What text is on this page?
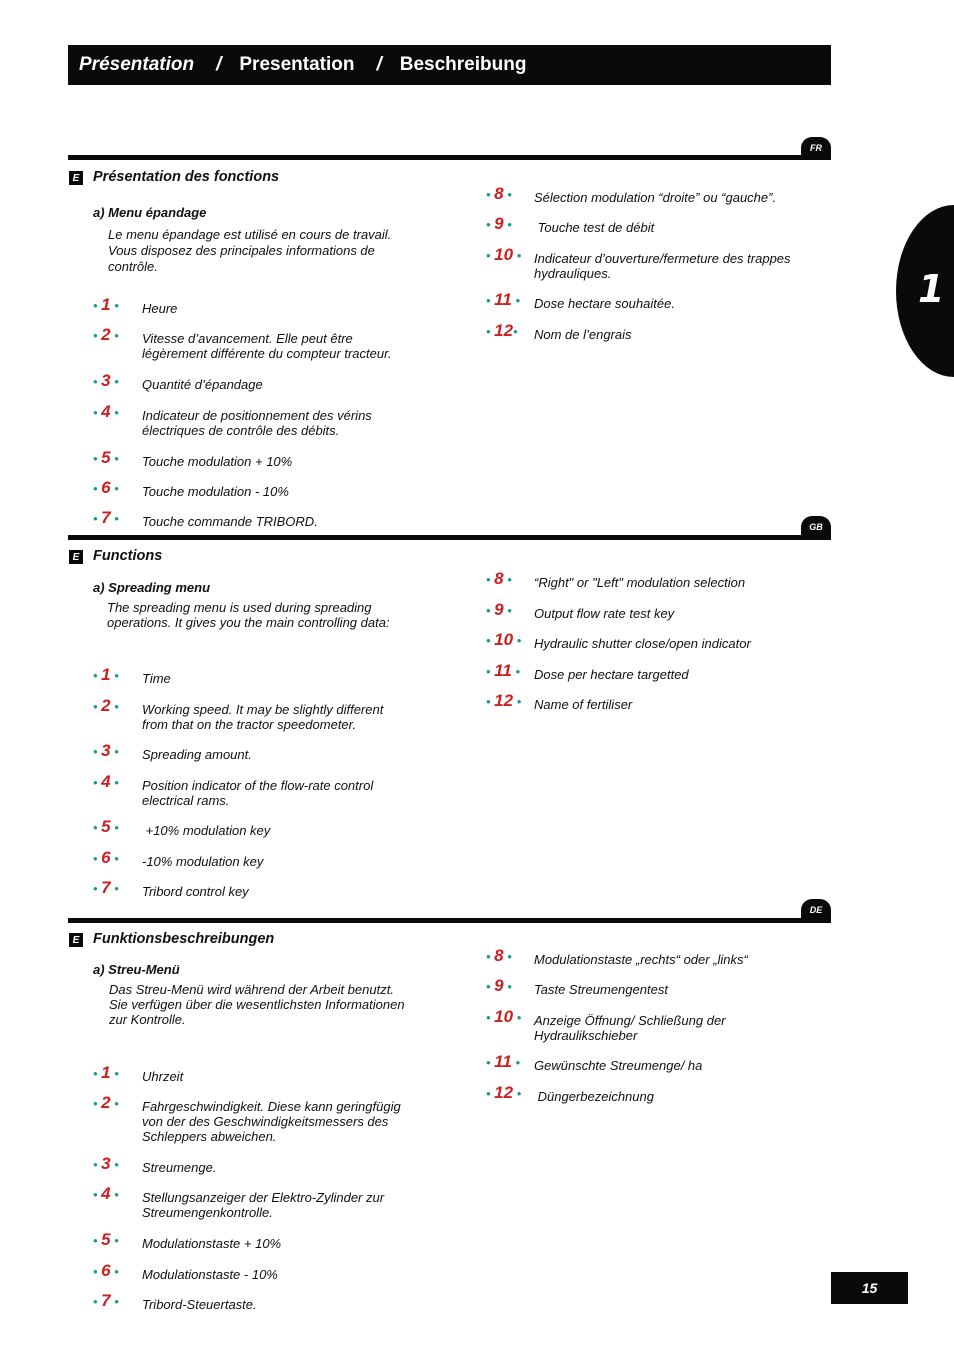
Présentation / Presentation / Beschreibung
1
FR
E Présentation des fonctions
a) Menu épandage
Le menu épandage est utilisé en cours de travail.
Vous disposez des principales informations de
contrôle.
• 1 • Heure
• 2 • Vitesse d’avancement. Elle peut être
légèrement différente du compteur tracteur.
• 3 • Quantité d’épandage
• 4 • Indicateur de positionnement des vérins
électriques de contrôle des débits.
• 5 • Touche modulation + 10%
• 6 • Touche modulation - 10%
• 7 • Touche commande TRIBORD.
• 8 • Sélection modulation “droite” ou “gauche”.
• 9 • Touche test de débit
• 10 • Indicateur d’ouverture/fermeture des trappes
hydrauliques.
• 11 • Dose hectare souhaitée.
• 12• Nom de l’engrais
GB
E Functions
a) Spreading menu
The spreading menu is used during spreading
operations. It gives you the main controlling data:
• 1 • Time
• 2 • Working speed. It may be slightly different
from that on the tractor speedometer.
• 3 • Spreading amount.
• 4 • Position indicator of the flow-rate control
electrical rams.
• 5 • +10% modulation key
• 6 • -10% modulation key
• 7 • Tribord control key
• 8 • “Right" or "Left" modulation selection
• 9 • Output flow rate test key
• 10 • Hydraulic shutter close/open indicator
• 11 • Dose per hectare targetted
• 12 • Name of fertiliser
DE
E Funktionsbeschreibungen
a) Streu-Menü
Das Streu-Menü wird während der Arbeit benutzt.
Sie verfügen über die wesentlichsten Informationen
zur Kontrolle.
• 1 • Uhrzeit
• 2 • Fahrgeschwindigkeit. Diese kann geringfügig
von der des Geschwindigkeitsmessers des
Schleppers abweichen.
• 3 • Streumenge.
• 4 • Stellungsanzeiger der Elektro-Zylinder zur
Streumengenkontrolle.
• 5 • Modulationstaste + 10%
• 6 • Modulationstaste - 10%
• 7 • Tribord-Steuertaste.
• 8 • Modulationstaste „rechts“ oder „links“
• 9 • Taste Streumengentest
• 10 • Anzeige Öffnung/ Schließung der
Hydraulikschieber
• 11 • Gewünschte Streumenge/ ha
• 12 • Düngerbezeichnung
15
